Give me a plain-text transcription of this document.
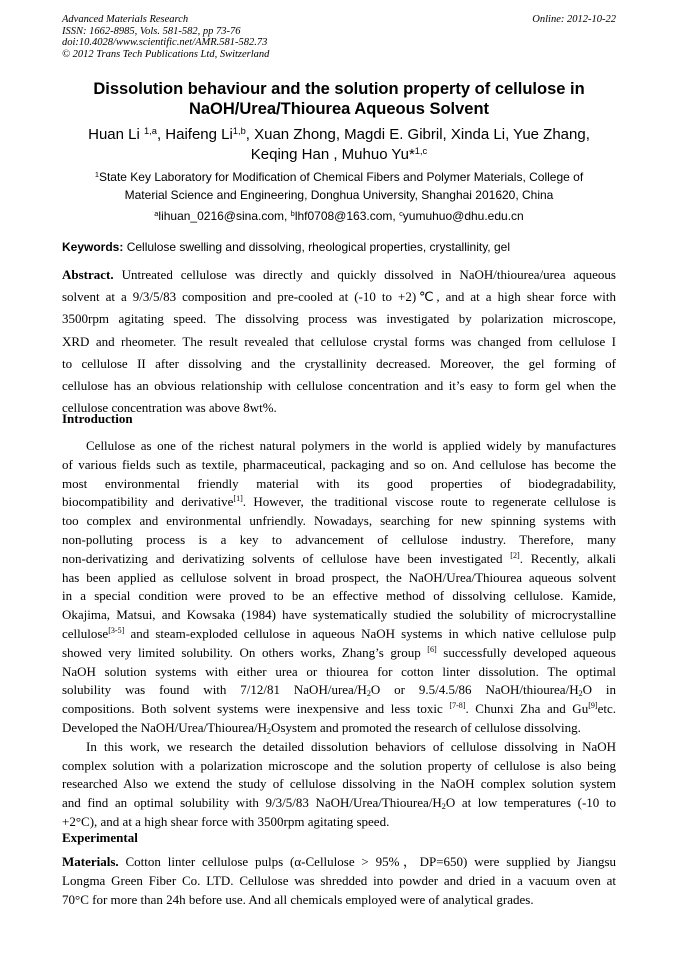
Advanced Materials Research
ISSN: 1662-8985, Vols. 581-582, pp 73-76
doi:10.4028/www.scientific.net/AMR.581-582.73
© 2012 Trans Tech Publications Ltd, Switzerland
Online: 2012-10-22
Dissolution behaviour and the solution property of cellulose in
NaOH/Urea/Thiourea Aqueous Solvent
Huan Li $^{1,a}$, Haifeng Li$^{1,b}$, Xuan Zhong, Magdi E. Gibril, Xinda Li, Yue Zhang,
Keqing Han , Muhuo Yu*$^{1,c}$
$^1$State Key Laboratory for Modification of Chemical Fibers and Polymer Materials, College of
Material Science and Engineering, Donghua University, Shanghai 201620, China
$^a$lihuan_0216@sina.com, $^b$lhf0708@163.com, $^c$yumuhuo@dhu.edu.cn
Keywords: Cellulose swelling and dissolving, rheological properties, crystallinity, gel
Abstract. Untreated cellulose was directly and quickly dissolved in NaOH/thiourea/urea aqueous
solvent at a 9/3/5/83 composition and pre-cooled at (-10 to +2)℃, and at a high shear force with
3500rpm agitating speed. The dissolving process was investigated by polarization microscope,
XRD and rheometer. The result revealed that cellulose crystal forms was changed from cellulose I
to cellulose II after dissolving and the crystallinity decreased. Moreover, the gel forming of
cellulose has an obvious relationship with cellulose concentration and it’s easy to form gel when the
cellulose concentration was above 8wt%.
Introduction
Cellulose as one of the richest natural polymers in the world is applied widely by manufactures
of various fields such as textile, pharmaceutical, packaging and so on. And cellulose has become the
most environmental friendly material with its good properties of biodegradability,
biocompatibility and derivative[1]. However, the traditional viscose route to regenerate cellulose is
too complex and environmental unfriendly. Nowadays, searching for new spinning systems with
non-polluting process is a key to advancement of cellulose industry. Therefore, many
non-derivatizing and derivatizing solvents of cellulose have been investigated [2]. Recently, alkali
has been applied as cellulose solvent in broad prospect, the NaOH/Urea/Thiourea aqueous solvent
in a special condition were proved to be an effective method of dissolving cellulose. Kamide,
Okajima, Matsui, and Kowsaka (1984) have systematically studied the solubility of microcrystalline
cellulose[3-5] and steam-exploded cellulose in aqueous NaOH systems in which native cellulose pulp
showed very limited solubility. On others works, Zhang’s group [6] successfully developed aqueous
NaOH solution systems with either urea or thiourea for cotton linter dissolution. The optimal
solubility was found with 7/12/81 NaOH/$urea/H_2O$ or 9.5/4.5/86 NaOH/$thiourea/H_2O$ in
compositions. Both solvent systems were inexpensive and less toxic [7-8]. Chunxi Zha and Gu[9]etc.
Developed the NaOH/$Urea/Thiourea/H_2Osystem$ and promoted the research of cellulose dissolving.
In this work, we research the detailed dissolution behaviors of cellulose dissolving in NaOH
complex solution with a polarization microscope and the solution property of cellulose is also being
researched Also we extend the study of cellulose dissolving in the NaOH complex solution system
and find an optimal solubility with 9/3/5/83 NaOH/$Urea/Thiourea/H_2O$ at low temperatures (-10 to
+2°C), and at a high shear force with 3500rpm agitating speed.
Experimental
Materials. Cotton linter cellulose pulps (α-Cellulose > 95%，DP=650) were supplied by Jiangsu
Longma Green Fiber Co. LTD. Cellulose was shredded into powder and dried in a vacuum oven at
70°C for more than 24h before use. And all chemicals employed were of analytical grades.
